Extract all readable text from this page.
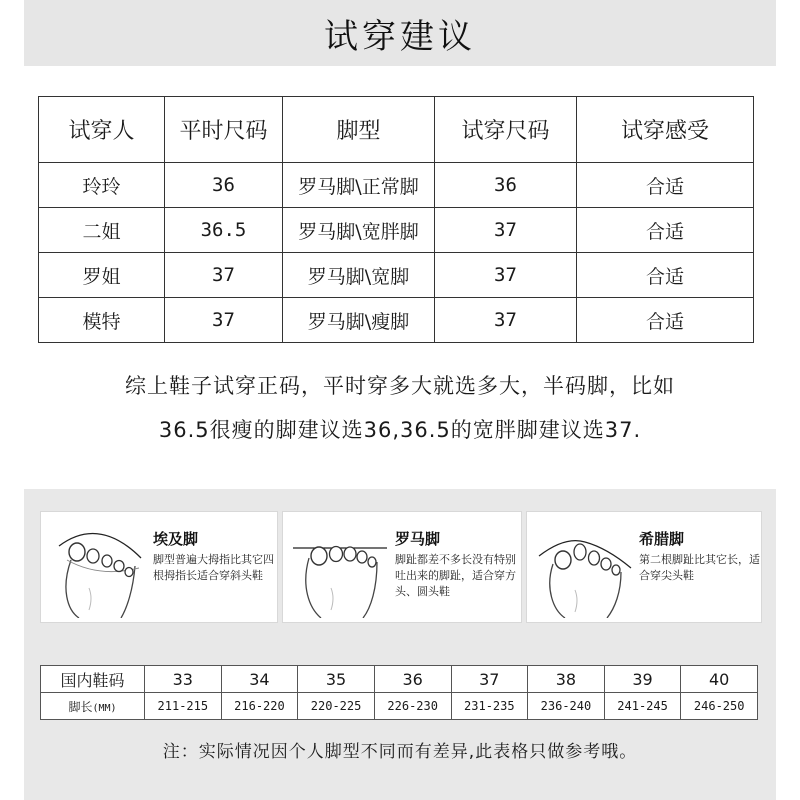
试穿建议
试穿人	平时尺码	脚型	试穿尺码	试穿感受
玲玲	36	罗马脚\正常脚	36	合适
二姐	36.5	罗马脚\宽胖脚	37	合适
罗姐	37	罗马脚\宽脚	37	合适
模特	37	罗马脚\瘦脚	37	合适
综上鞋子试穿正码，平时穿多大就选多大，半码脚，比如
36.5很瘦的脚建议选36,36.5的宽胖脚建议选37.
埃及脚
脚型普遍大拇指比其它四根拇指长适合穿斜头鞋
罗马脚
脚趾都差不多长没有特别吐出来的脚趾，适合穿方头、圆头鞋
希腊脚
第二根脚趾比其它长，适合穿尖头鞋
国内鞋码	33	34	35	36	37	38	39	40
脚长(MM)	211-215	216-220	220-225	226-230	231-235	236-240	241-245	246-250
注：实际情况因个人脚型不同而有差异,此表格只做参考哦。
